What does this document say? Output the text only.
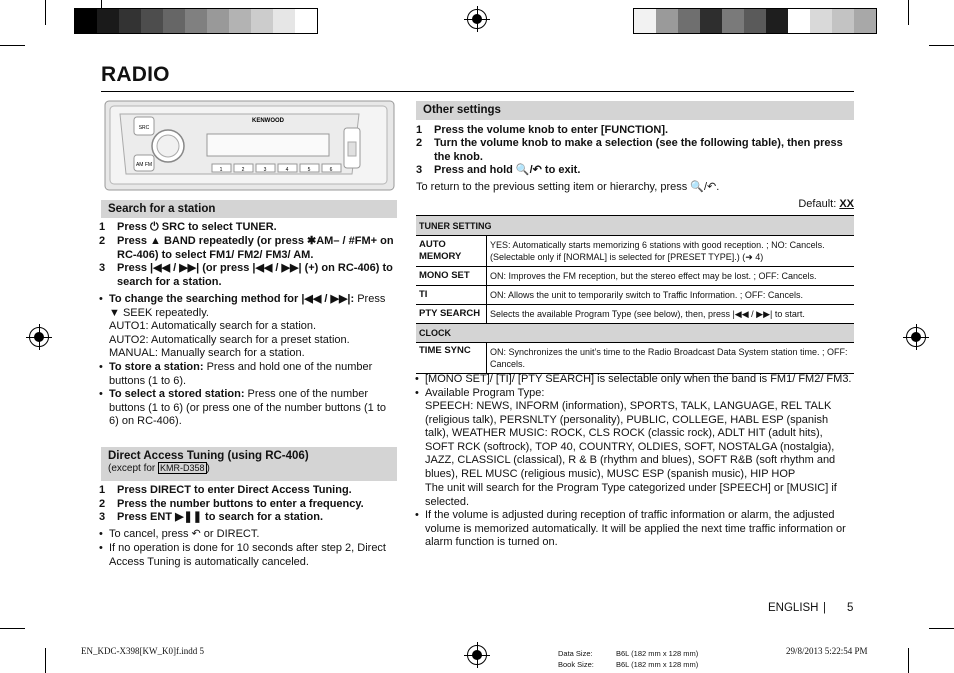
RADIO
SRC
AM FM
KENWOOD
1	2	3	4	5	6
Search for a station
1 Press ⏻ SRC to select TUNER.
2 Press ▲ BAND repeatedly (or press ✱AM– / #FM+ on RC-406) to select FM1/ FM2/ FM3/ AM.
3 Press |◀◀ / ▶▶| (or press |◀◀ / ▶▶| (+) on RC-406) to search for a station.
• To change the searching method for |◀◀ / ▶▶|: Press ▼ SEEK repeatedly.
AUTO1: Automatically search for a station.
AUTO2: Automatically search for a preset station.
MANUAL: Manually search for a station.
• To store a station: Press and hold one of the number buttons (1 to 6).
• To select a stored station: Press one of the number buttons (1 to 6) (or press one of the number buttons (1 to 6) on RC-406).
Direct Access Tuning (using RC-406)
(except for KMR-D358 )
1 Press DIRECT to enter Direct Access Tuning.
2 Press the number buttons to enter a frequency.
3 Press ENT ▶❚❚ to search for a station.
• To cancel, press ↶ or DIRECT.
• If no operation is done for 10 seconds after step 2, Direct Access Tuning is automatically canceled.
Other settings
1 Press the volume knob to enter [FUNCTION].
2 Turn the volume knob to make a selection (see the following table), then press the knob.
3 Press and hold 🔍/↶ to exit.
To return to the previous setting item or hierarchy, press 🔍/↶.
Default: XX
TUNER SETTING	
AUTO MEMORY	YES: Automatically starts memorizing 6 stations with good reception. ; NO: Cancels. (Selectable only if [NORMAL] is selected for [PRESET TYPE].) (➜ 4)
MONO SET	ON: Improves the FM reception, but the stereo effect may be lost. ; OFF: Cancels.
TI	ON: Allows the unit to temporarily switch to Traffic Information. ; OFF: Cancels.
PTY SEARCH	Selects the available Program Type (see below), then, press |◀◀ / ▶▶| to start.
CLOCK	
TIME SYNC	ON: Synchronizes the unit’s time to the Radio Broadcast Data System station time. ; OFF: Cancels.
• [MONO SET]/ [TI]/ [PTY SEARCH] is selectable only when the band is FM1/ FM2/ FM3.
• Available Program Type:
SPEECH: NEWS, INFORM (information), SPORTS, TALK, LANGUAGE, REL TALK (religious talk), PERSNLTY (personality), PUBLIC, COLLEGE, HABL ESP (spanish talk), WEATHER MUSIC: ROCK, CLS ROCK (classic rock), ADLT HIT (adult hits), SOFT RCK (softrock), TOP 40, COUNTRY, OLDIES, SOFT, NOSTALGA (nostalgia), JAZZ, CLASSICL (classical), R & B (rhythm and blues), SOFT R&B (soft rhythm and blues), REL MUSC (religious music), MUSC ESP (spanish music), HIP HOP
The unit will search for the Program Type categorized under [SPEECH] or [MUSIC] if selected.
• If the volume is adjusted during reception of traffic information or alarm, the adjusted volume is memorized automatically. It will be applied the next time traffic information or alarm function is turned on.
ENGLISH | 5
EN_KDC-X398[KW_K0]f.indd 5	Data Size:	B6L (182 mm x 128 mm)
Book Size:	B6L (182 mm x 128 mm)
29/8/2013 5:22:54 PM
